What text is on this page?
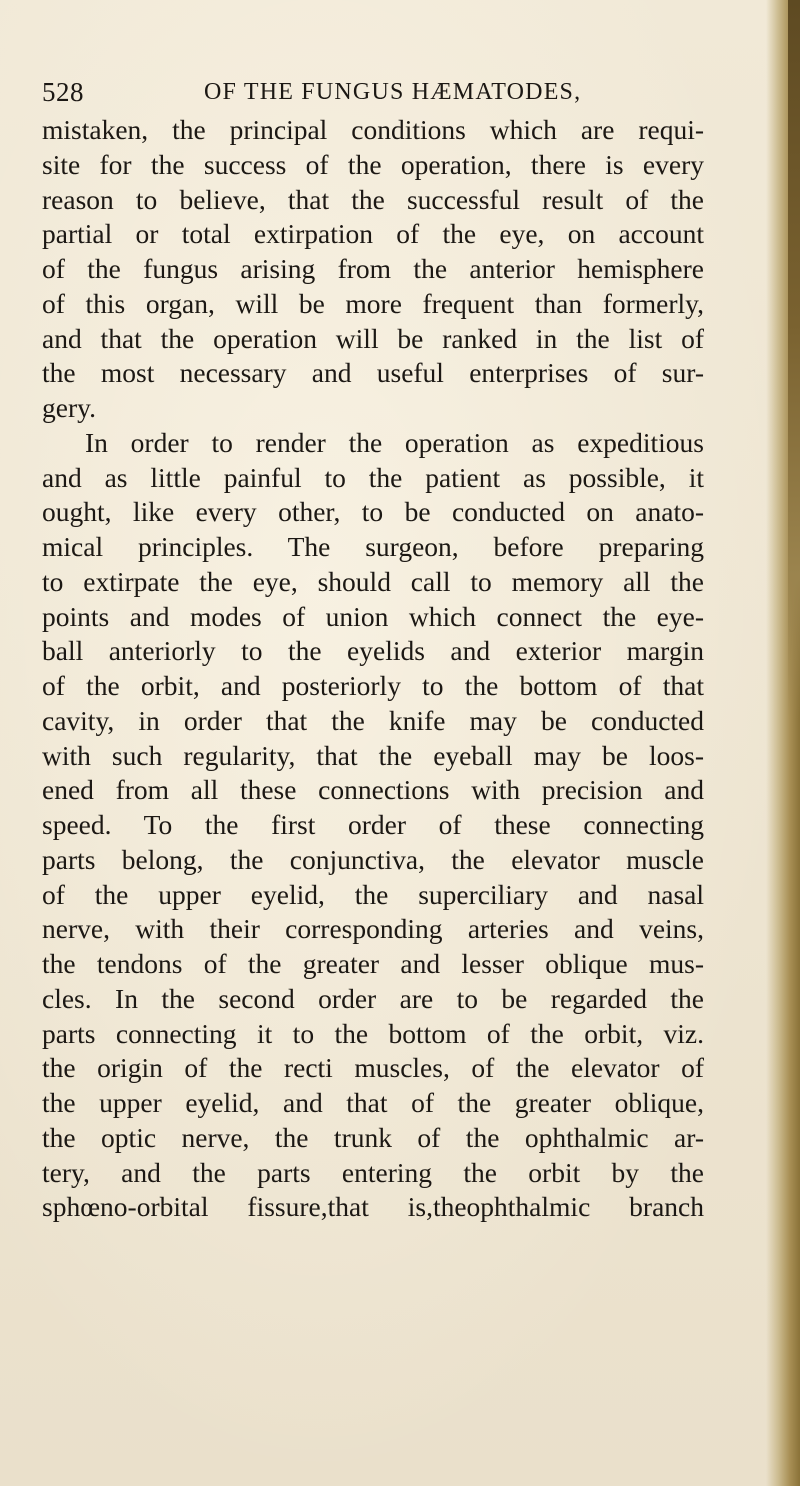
528	OF THE FUNGUS HÆMATODES,
mistaken, the principal conditions which are requi-
site for the success of the operation, there is every
reason to believe, that the successful result of the
partial or total extirpation of the eye, on account
of the fungus arising from the anterior hemisphere
of this organ, will be more frequent than formerly,
and that the operation will be ranked in the list of
the most necessary and useful enterprises of sur-
gery.
In order to render the operation as expeditious
and as little painful to the patient as possible, it
ought, like every other, to be conducted on anato-
mical principles. The surgeon, before preparing
to extirpate the eye, should call to memory all the
points and modes of union which connect the eye-
ball anteriorly to the eyelids and exterior margin
of the orbit, and posteriorly to the bottom of that
cavity, in order that the knife may be conducted
with such regularity, that the eyeball may be loos-
ened from all these connections with precision and
speed. To the first order of these connecting
parts belong, the conjunctiva, the elevator muscle
of the upper eyelid, the superciliary and nasal
nerve, with their corresponding arteries and veins,
the tendons of the greater and lesser oblique mus-
cles. In the second order are to be regarded the
parts connecting it to the bottom of the orbit, viz.
the origin of the recti muscles, of the elevator of
the upper eyelid, and that of the greater oblique,
the optic nerve, the trunk of the ophthalmic ar-
tery, and the parts entering the orbit by the
sphœno-orbital fissure,that is,theophthalmic branch
